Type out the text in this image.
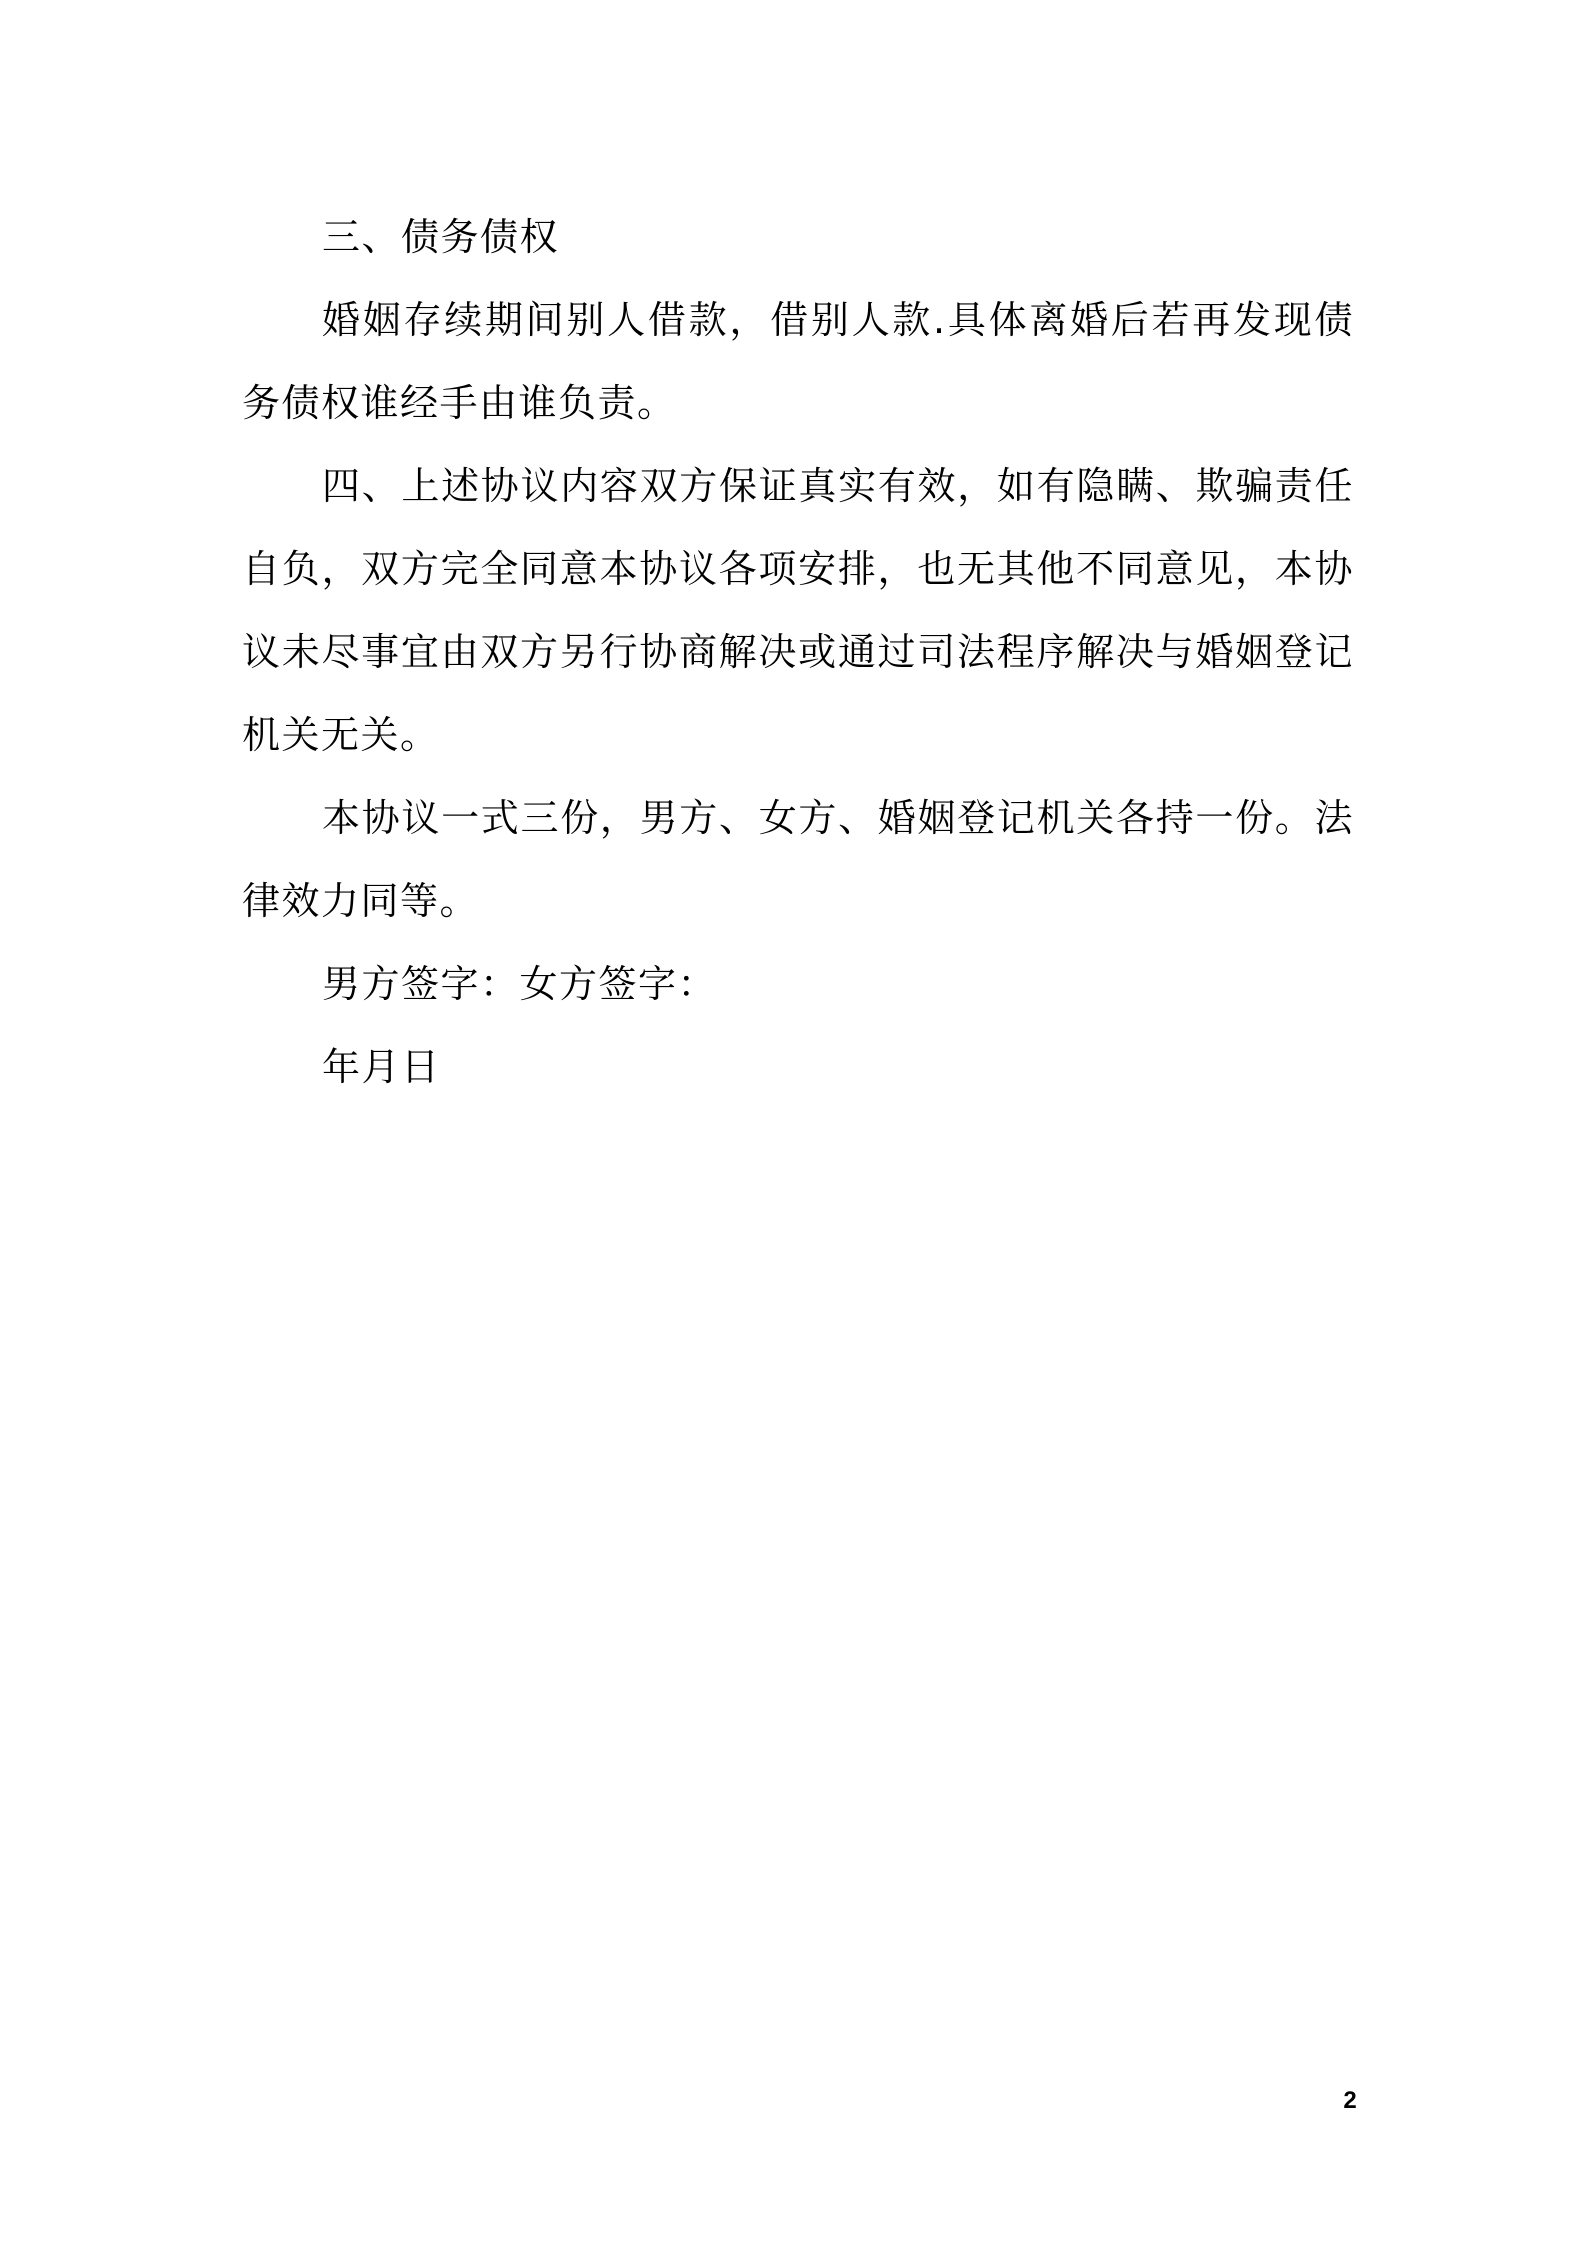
三、债务债权

婚姻存续期间别人借款，借别人款.具体离婚后若再发现债务债权谁经手由谁负责。

四、上述协议内容双方保证真实有效，如有隐瞒、欺骗责任自负，双方完全同意本协议各项安排，也无其他不同意见，本协议未尽事宜由双方另行协商解决或通过司法程序解决与婚姻登记机关无关。

本协议一式三份，男方、女方、婚姻登记机关各持一份。法律效力同等。

男方签字：女方签字：

年月日

2
